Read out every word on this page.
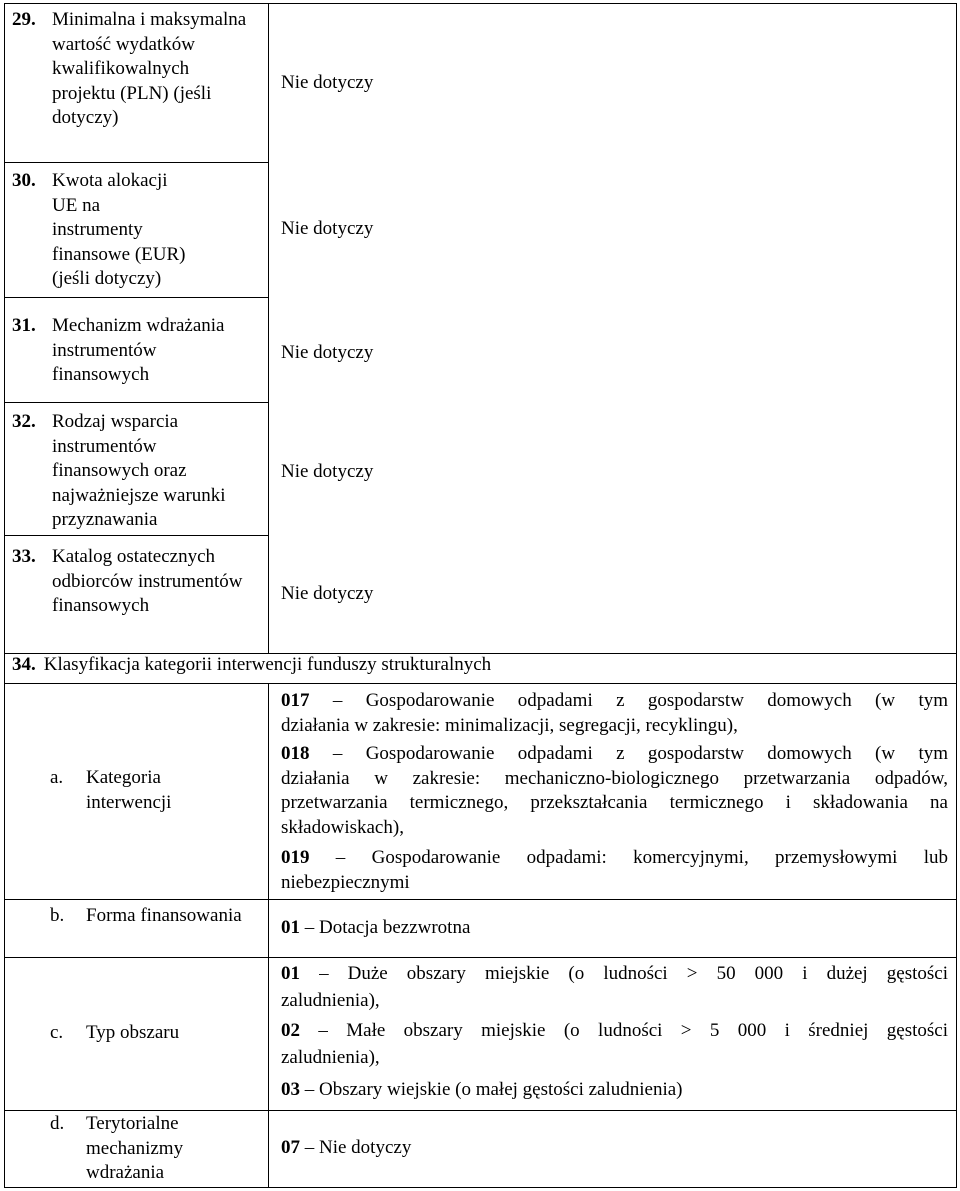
29. Minimalna i maksymalna wartość wydatków kwalifikowalnych projektu (PLN) (jeśli dotyczy)
Nie dotyczy
30. Kwota alokacji UE na instrumenty finansowe (EUR) (jeśli dotyczy)
Nie dotyczy
31. Mechanizm wdrażania instrumentów finansowych
Nie dotyczy
32. Rodzaj wsparcia instrumentów finansowych oraz najważniejsze warunki przyznawania
Nie dotyczy
33. Katalog ostatecznych odbiorców instrumentów finansowych
Nie dotyczy
34. Klasyfikacja kategorii interwencji funduszy strukturalnych
a. Kategoria interwencji
017 – Gospodarowanie odpadami z gospodarstw domowych (w tym
działania w zakresie: minimalizacji, segregacji, recyklingu),
018 – Gospodarowanie odpadami z gospodarstw domowych (w tym
działania w zakresie: mechaniczno-biologicznego przetwarzania odpadów, przetwarzania termicznego, przekształcania termicznego i składowania na składowiskach),
019 – Gospodarowanie odpadami: komercyjnymi, przemysłowymi lub
niebezpiecznymi
b. Forma finansowania
01 – Dotacja bezzwrotna
c. Typ obszaru
01 – Duże obszary miejskie (o ludności > 50 000 i dużej gęstości
zaludnienia),
02 – Małe obszary miejskie (o ludności > 5 000 i średniej gęstości
zaludnienia),
03 – Obszary wiejskie (o małej gęstości zaludnienia)
d. Terytorialne mechanizmy wdrażania
07 – Nie dotyczy
